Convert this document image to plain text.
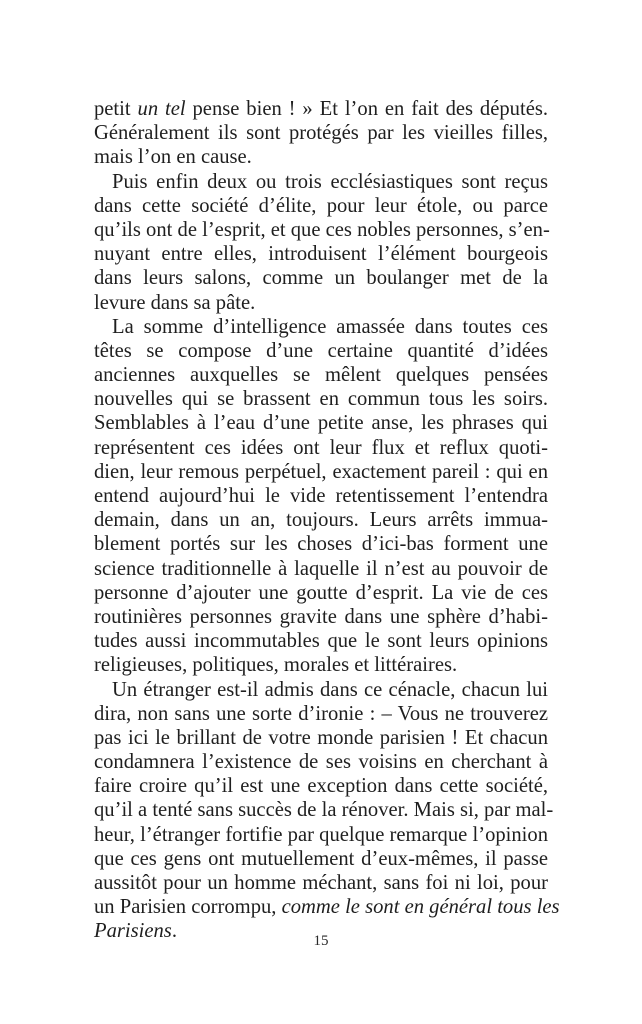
petit un tel pense bien ! » Et l’on en fait des députés.
Généralement ils sont protégés par les vieilles filles,
mais l’on en cause.
Puis enfin deux ou trois ecclésiastiques sont reçus
dans cette société d’élite, pour leur étole, ou parce
qu’ils ont de l’esprit, et que ces nobles personnes, s’en-
nuyant entre elles, introduisent l’élément bourgeois
dans leurs salons, comme un boulanger met de la
levure dans sa pâte.
La somme d’intelligence amassée dans toutes ces
têtes se compose d’une certaine quantité d’idées
anciennes auxquelles se mêlent quelques pensées
nouvelles qui se brassent en commun tous les soirs.
Semblables à l’eau d’une petite anse, les phrases qui
représentent ces idées ont leur flux et reflux quoti-
dien, leur remous perpétuel, exactement pareil : qui en
entend aujourd’hui le vide retentissement l’entendra
demain, dans un an, toujours. Leurs arrêts immua-
blement portés sur les choses d’ici-bas forment une
science traditionnelle à laquelle il n’est au pouvoir de
personne d’ajouter une goutte d’esprit. La vie de ces
routinières personnes gravite dans une sphère d’habi-
tudes aussi incommutables que le sont leurs opinions
religieuses, politiques, morales et littéraires.
Un étranger est-il admis dans ce cénacle, chacun lui
dira, non sans une sorte d’ironie : – Vous ne trouverez
pas ici le brillant de votre monde parisien ! Et chacun
condamnera l’existence de ses voisins en cherchant à
faire croire qu’il est une exception dans cette société,
qu’il a tenté sans succès de la rénover. Mais si, par mal-
heur, l’étranger fortifie par quelque remarque l’opinion
que ces gens ont mutuellement d’eux-mêmes, il passe
aussitôt pour un homme méchant, sans foi ni loi, pour
un Parisien corrompu, comme le sont en général tous les
Parisiens.	15
